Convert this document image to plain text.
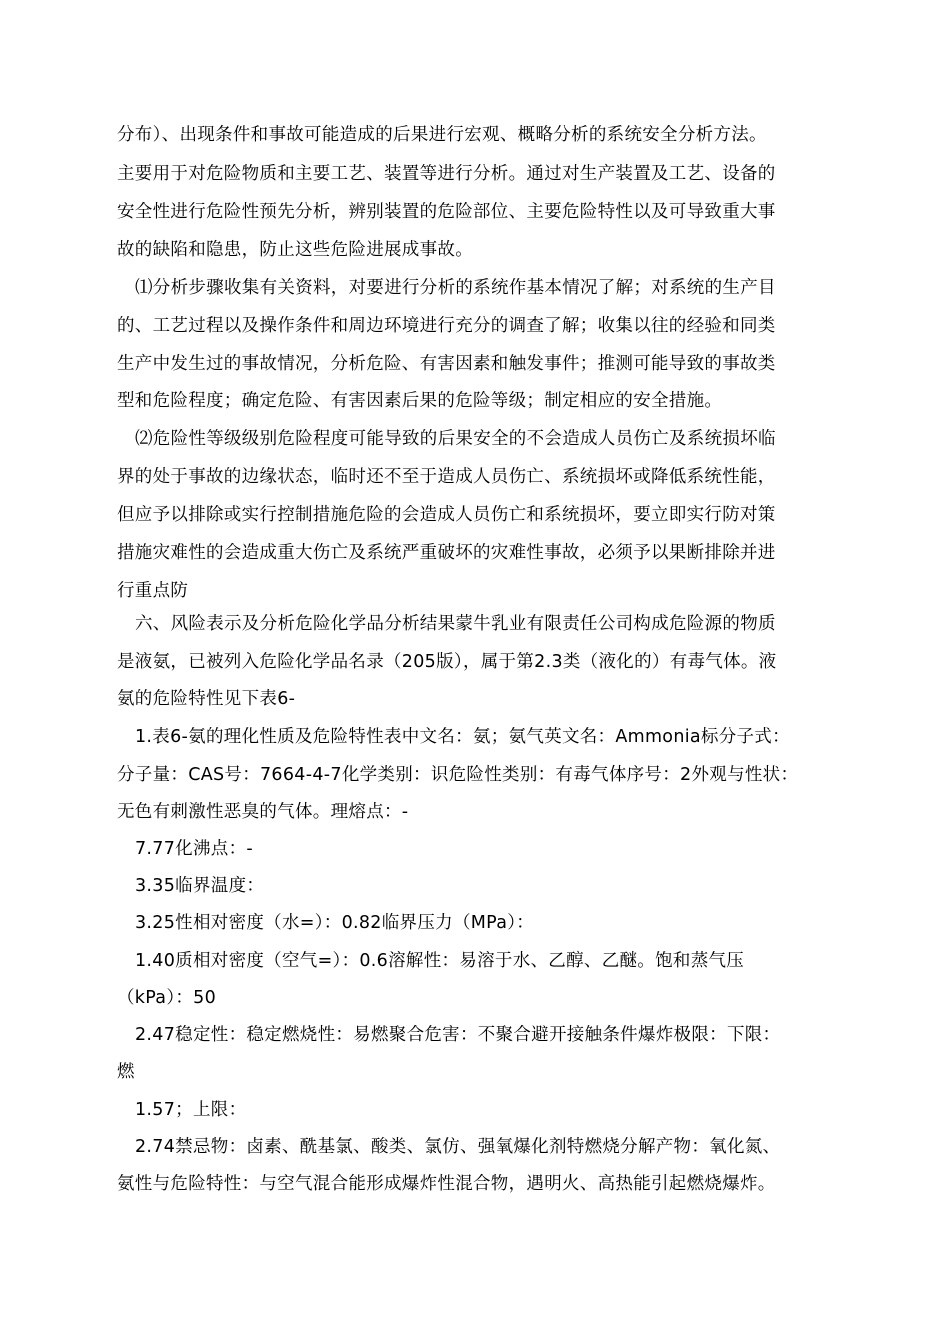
分布）、出现条件和事故可能造成的后果进行宏观、概略分析的系统安全分析方法。
主要用于对危险物质和主要工艺、装置等进行分析。通过对生产装置及工艺、设备的
安全性进行危险性预先分析，辨别装置的危险部位、主要危险特性以及可导致重大事
故的缺陷和隐患，防止这些危险进展成事故。
⑴分析步骤收集有关资料，对要进行分析的系统作基本情况了解；对系统的生产目
的、工艺过程以及操作条件和周边环境进行充分的调查了解；收集以往的经验和同类
生产中发生过的事故情况，分析危险、有害因素和触发事件；推测可能导致的事故类
型和危险程度；确定危险、有害因素后果的危险等级；制定相应的安全措施。
⑵危险性等级级别危险程度可能导致的后果安全的不会造成人员伤亡及系统损坏临
界的处于事故的边缘状态，临时还不至于造成人员伤亡、系统损坏或降低系统性能，
但应予以排除或实行控制措施危险的会造成人员伤亡和系统损坏，要立即实行防对策
措施灾难性的会造成重大伤亡及系统严重破坏的灾难性事故，必须予以果断排除并进
行重点防
六、风险表示及分析危险化学品分析结果蒙牛乳业有限责任公司构成危险源的物质
是液氨，已被列入危险化学品名录（205版），属于第2.3类（液化的）有毒气体。液
氨的危险特性见下表6-
1.表6-氨的理化性质及危险特性表中文名：氨；氨气英文名：Ammonia标分子式：
分子量：CAS号：7664-4-7化学类别：识危险性类别：有毒气体序号：2外观与性状：
无色有刺激性恶臭的气体。理熔点：-
7.77化沸点：-
3.35临界温度：
3.25性相对密度（水=）：0.82临界压力（MPa）：
1.40质相对密度（空气=）：0.6溶解性：易溶于水、乙醇、乙醚。饱和蒸气压
（kPa）：50
2.47稳定性：稳定燃烧性：易燃聚合危害：不聚合避开接触条件爆炸极限：下限：
燃
1.57；上限：
2.74禁忌物：卤素、酰基氯、酸类、氯仿、强氧爆化剂特燃烧分解产物：氧化氮、
氨性与危险特性：与空气混合能形成爆炸性混合物，遇明火、高热能引起燃烧爆炸。
